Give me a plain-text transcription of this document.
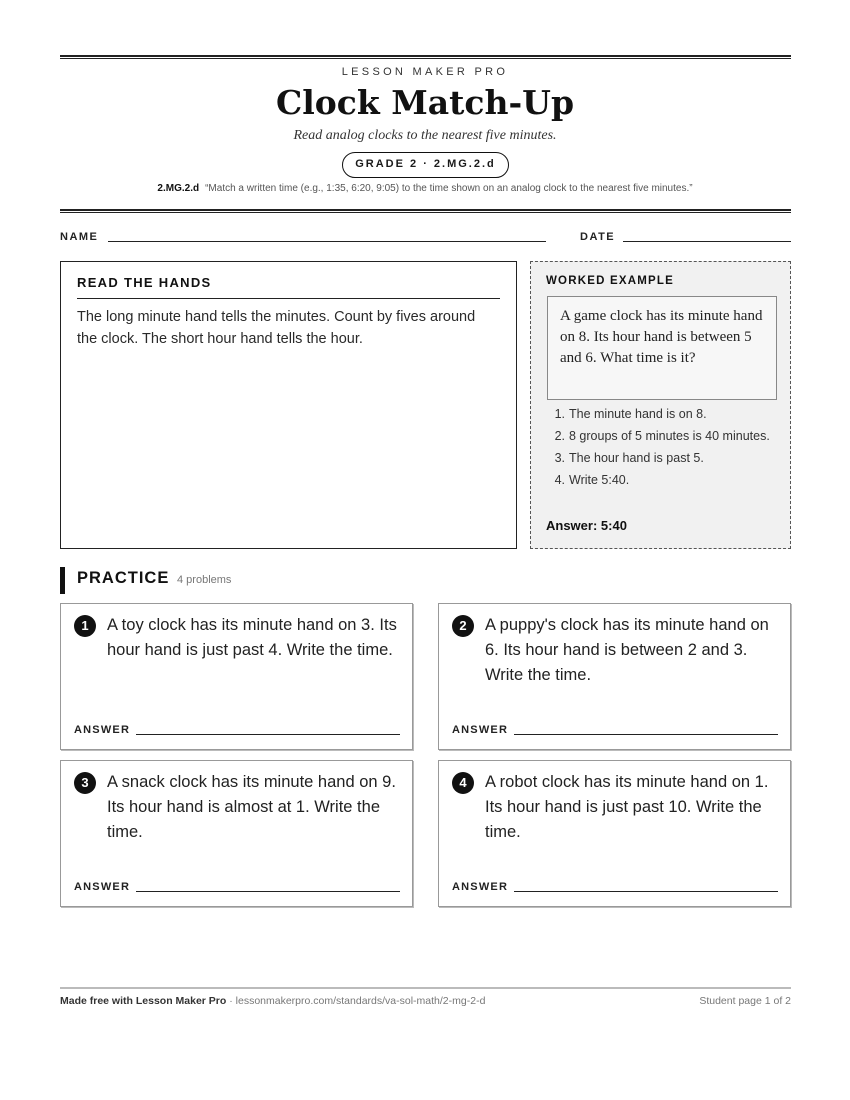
LESSON MAKER PRO
Clock Match-Up
Read analog clocks to the nearest five minutes.
GRADE 2 · 2.MG.2.d
2.MG.2.d “Match a written time (e.g., 1:35, 6:20, 9:05) to the time shown on an analog clock to the nearest five minutes.”
NAME	DATE
READ THE HANDS

The long minute hand tells the minutes. Count by fives around the clock. The short hour hand tells the hour.

WORKED EXAMPLE
A game clock has its minute hand on 8. Its hour hand is between 5 and 6. What time is it?
1. The minute hand is on 8.
2. 8 groups of 5 minutes is 40 minutes.
3. The hour hand is past 5.
4. Write 5:40.
Answer: 5:40
PRACTICE 4 problems
1	A toy clock has its minute hand on 3. Its hour hand is just past 4. Write the time.

ANSWER
2	A puppy's clock has its minute hand on 6. Its hour hand is between 2 and 3. Write the time.

ANSWER
3	A snack clock has its minute hand on 9. Its hour hand is almost at 1. Write the time.

ANSWER
4	A robot clock has its minute hand on 1. Its hour hand is just past 10. Write the time.

ANSWER
Made free with Lesson Maker Pro · lessonmakerpro.com/standards/va-sol-math/2-mg-2-d	Student page 1 of 2
